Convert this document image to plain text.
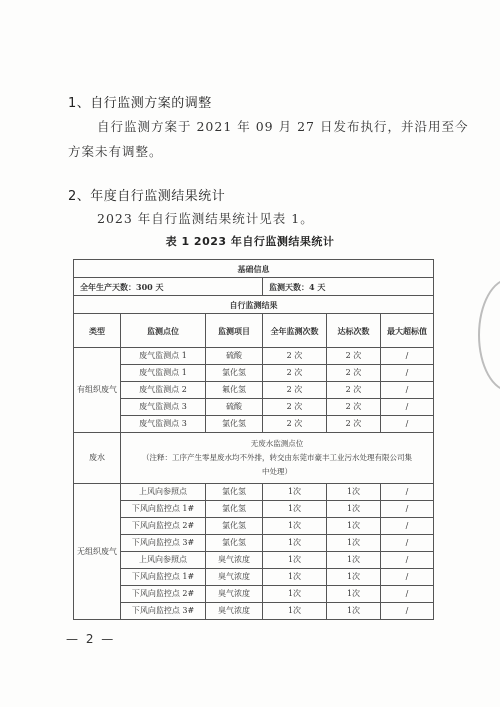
1、自行监测方案的调整
自行监测方案于 2021 年 09 月 27 日发布执行，并沿用至今
方案未有调整。
2、年度自行监测结果统计
2023 年自行监测结果统计见表 1。
表 1 2023 年自行监测结果统计
基础信息					
全年生产天数：300 天			监测天数：4 天		
自行监测结果					
类型	监测点位	监测项目	全年监测次数	达标次数	最大超标值
有组织废气	废气监测点 1	硫酸	2 次	2 次	/
	废气监测点 1	氯化氢	2 次	2 次	/
	废气监测点 2	氟化氢	2 次	2 次	/
	废气监测点 3	硫酸	2 次	2 次	/
	废气监测点 3	氯化氢	2 次	2 次	/
废水	无废水监测点位
（注释：工序产生零星废水均不外排，转交由东莞市豪丰工业污水处理有限公司集
中处理）				

无组织废气	上风向参照点	氯化氢	1次	1次	/
	下风向监控点 1#	氯化氢	1次	1次	/
	下风向监控点 2#	氯化氢	1次	1次	/
	下风向监控点 3#	氯化氢	1次	1次	/
	上风向参照点	臭气浓度	1次	1次	/
	下风向监控点 1#	臭气浓度	1次	1次	/
	下风向监控点 2#	臭气浓度	1次	1次	/
	下风向监控点 3#	臭气浓度	1次	1次	/
— 2 —
